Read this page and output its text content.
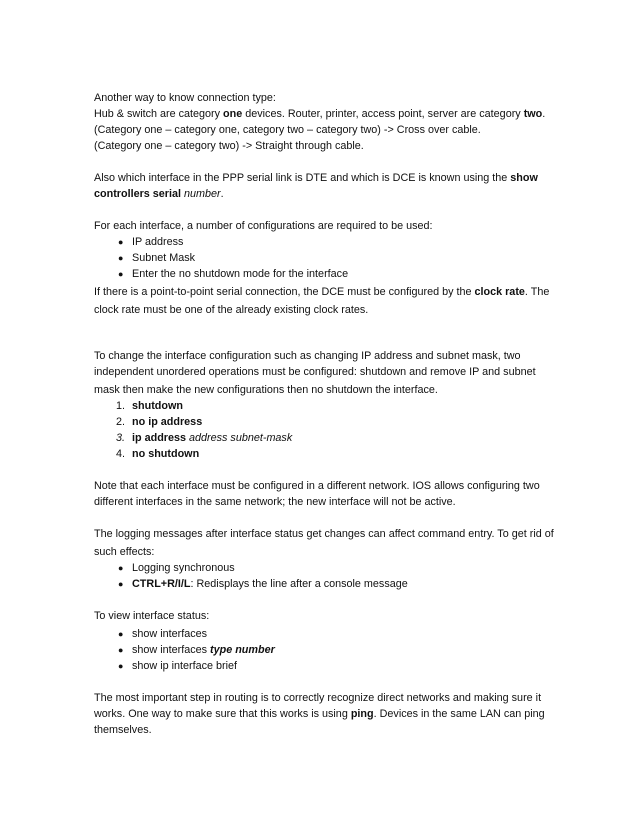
Another way to know connection type:
Hub & switch are category one devices. Router, printer, access point, server are category two.
(Category one – category one, category two – category two) -> Cross over cable.
(Category one – category two) -> Straight through cable.
Also which interface in the PPP serial link is DTE and which is DCE is known using the show
controllers serial number.
For each interface, a number of configurations are required to be used:
● IP address
● Subnet Mask
● Enter the no shutdown mode for the interface
If there is a point-to-point serial connection, the DCE must be configured by the clock rate. The
clock rate must be one of the already existing clock rates.
To change the interface configuration such as changing IP address and subnet mask, two
independent unordered operations must be configured: shutdown and remove IP and subnet
mask then make the new configurations then no shutdown the interface.
1. shutdown
2. no ip address
3. ip address address subnet-mask
4. no shutdown
Note that each interface must be configured in a different network. IOS allows configuring two
different interfaces in the same network; the new interface will not be active.
The logging messages after interface status get changes can affect command entry. To get rid of
such effects:
● Logging synchronous
● CTRL+R/I/L: Redisplays the line after a console message
To view interface status:
● show interfaces
● show interfaces type number
● show ip interface brief
The most important step in routing is to correctly recognize direct networks and making sure it
works. One way to make sure that this works is using ping. Devices in the same LAN can ping
themselves.
